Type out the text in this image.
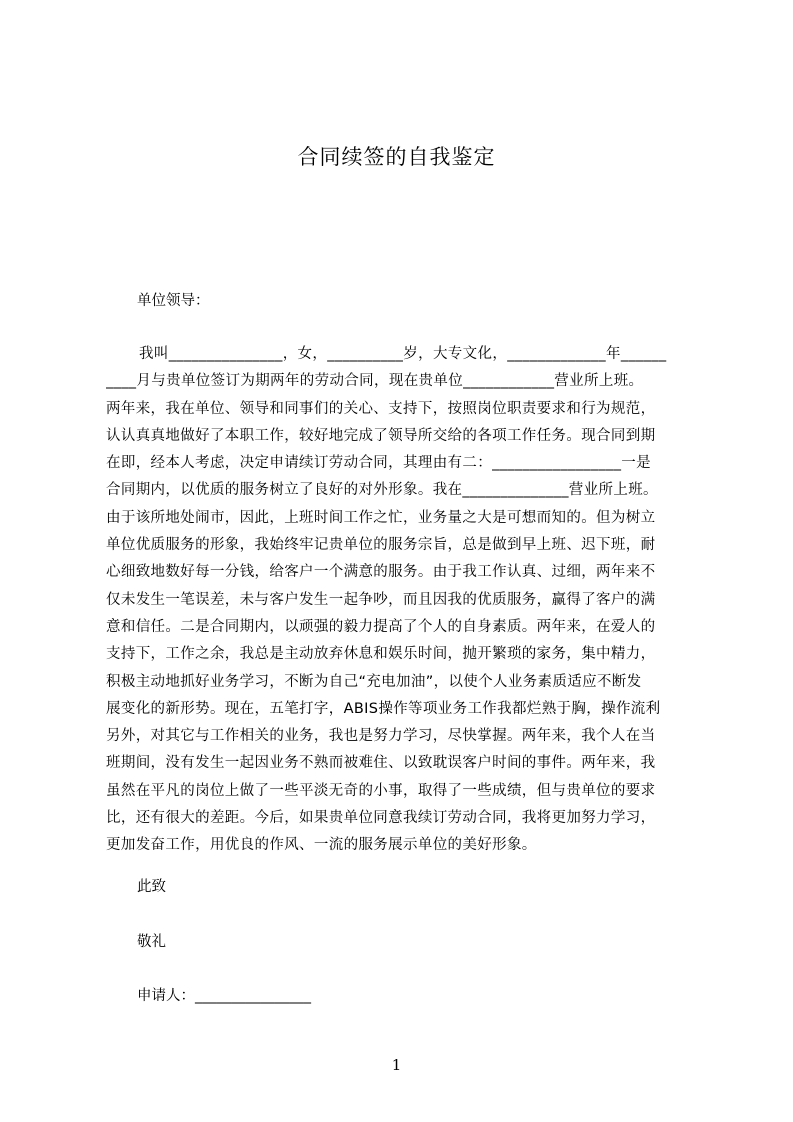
合同续签的自我鉴定

单位领导：

我叫_______________，女，__________岁，大专文化，_____________年______
____月与贵单位签订为期两年的劳动合同，现在贵单位____________营业所上班。
两年来，我在单位、领导和同事们的关心、支持下，按照岗位职责要求和行为规范，
认认真真地做好了本职工作，较好地完成了领导所交给的各项工作任务。现合同到期
在即，经本人考虑，决定申请续订劳动合同，其理由有二：_________________一是
合同期内，以优质的服务树立了良好的对外形象。我在______________营业所上班。
由于该所地处闹市，因此，上班时间工作之忙，业务量之大是可想而知的。但为树立
单位优质服务的形象，我始终牢记贵单位的服务宗旨，总是做到早上班、迟下班，耐
心细致地数好每一分钱，给客户一个满意的服务。由于我工作认真、过细，两年来不
仅未发生一笔误差，未与客户发生一起争吵，而且因我的优质服务，赢得了客户的满
意和信任。二是合同期内，以顽强的毅力提高了个人的自身素质。两年来，在爱人的
支持下，工作之余，我总是主动放弃休息和娱乐时间，抛开繁琐的家务，集中精力，
积极主动地抓好业务学习，不断为自己“充电加油”，以使个人业务素质适应不断发
展变化的新形势。现在，五笔打字，ABIS操作等项业务工作我都烂熟于胸，操作流利
另外，对其它与工作相关的业务，我也是努力学习，尽快掌握。两年来，我个人在当
班期间，没有发生一起因业务不熟而被难住、以致耽误客户时间的事件。两年来，我
虽然在平凡的岗位上做了一些平淡无奇的小事，取得了一些成绩，但与贵单位的要求
比，还有很大的差距。今后，如果贵单位同意我续订劳动合同，我将更加努力学习，
更加发奋工作，用优良的作风、一流的服务展示单位的美好形象。

此致

敬礼

申请人：________________

1
